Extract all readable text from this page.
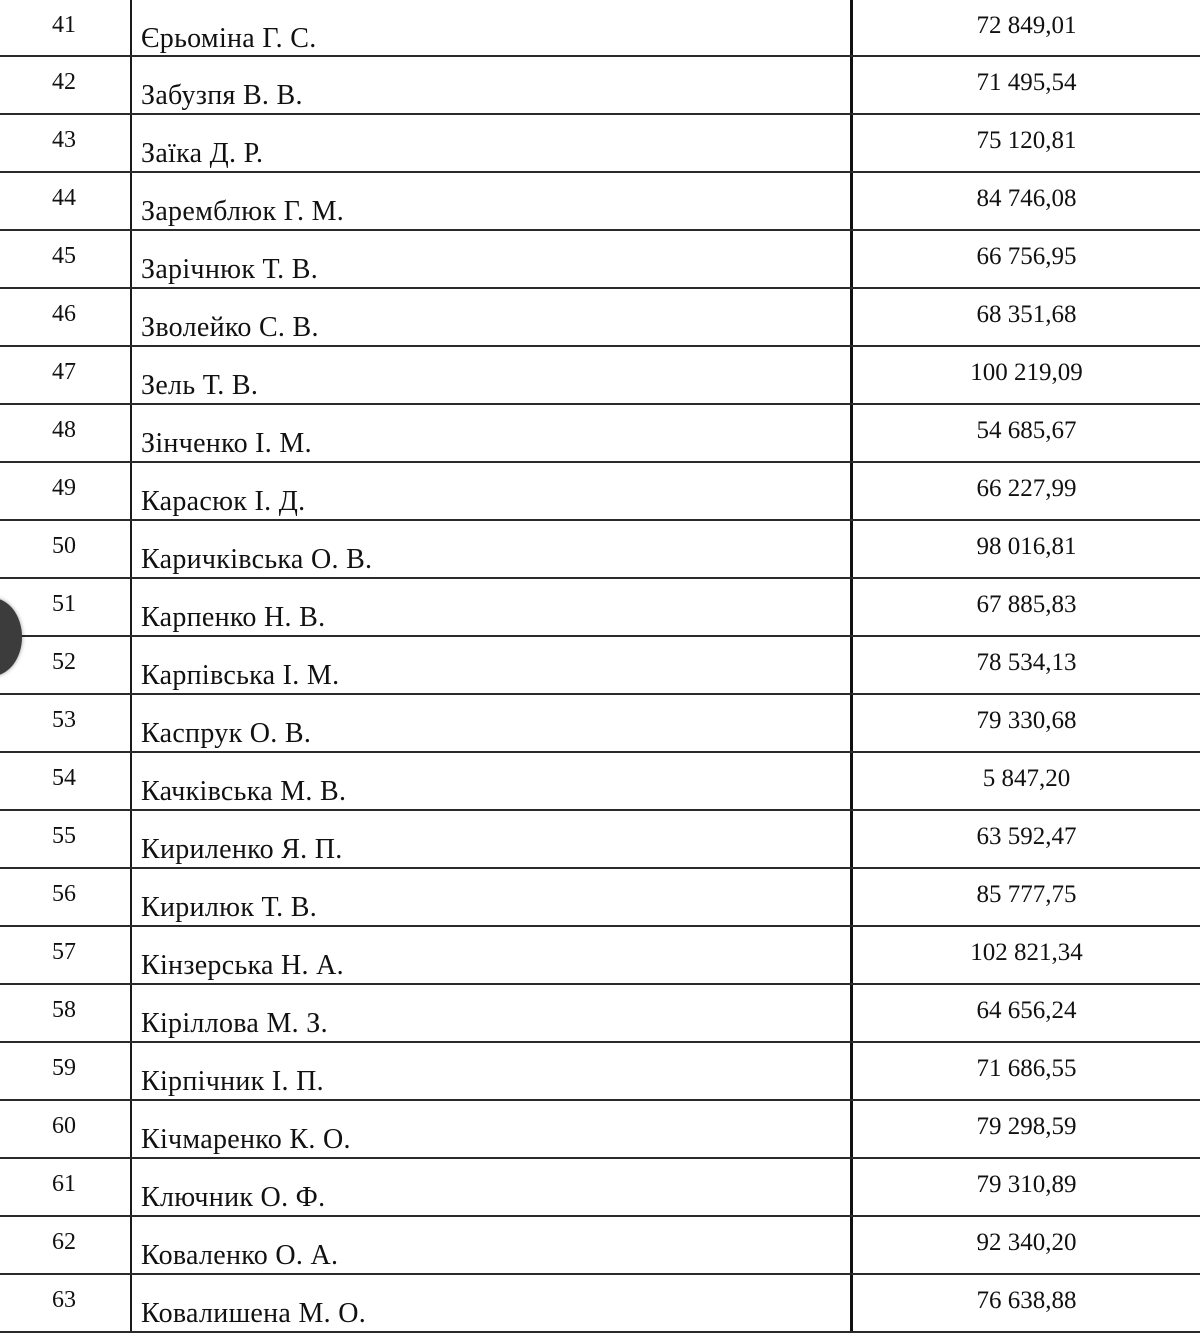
41	Єрьоміна Г. С.	72 849,01
42	Забузпя В. В.	71 495,54
43	Заїка Д. Р.	75 120,81
44	Заремблюк Г. М.	84 746,08
45	Зарічнюк Т. В.	66 756,95
46	Зволейко С. В.	68 351,68
47	Зель Т. В.	100 219,09
48	Зінченко І. М.	54 685,67
49	Карасюк І. Д.	66 227,99
50	Каричківська О. В.	98 016,81
51	Карпенко Н. В.	67 885,83
52	Карпівська І. М.	78 534,13
53	Каспрук О. В.	79 330,68
54	Качківська М. В.	5 847,20
55	Кириленко Я. П.	63 592,47
56	Кирилюк Т. В.	85 777,75
57	Кінзерська Н. А.	102 821,34
58	Кіріллова М. З.	64 656,24
59	Кірпічник І. П.	71 686,55
60	Кічмаренко К. О.	79 298,59
61	Ключник О. Ф.	79 310,89
62	Коваленко О. А.	92 340,20
63	Ковалишена М. О.	76 638,88
